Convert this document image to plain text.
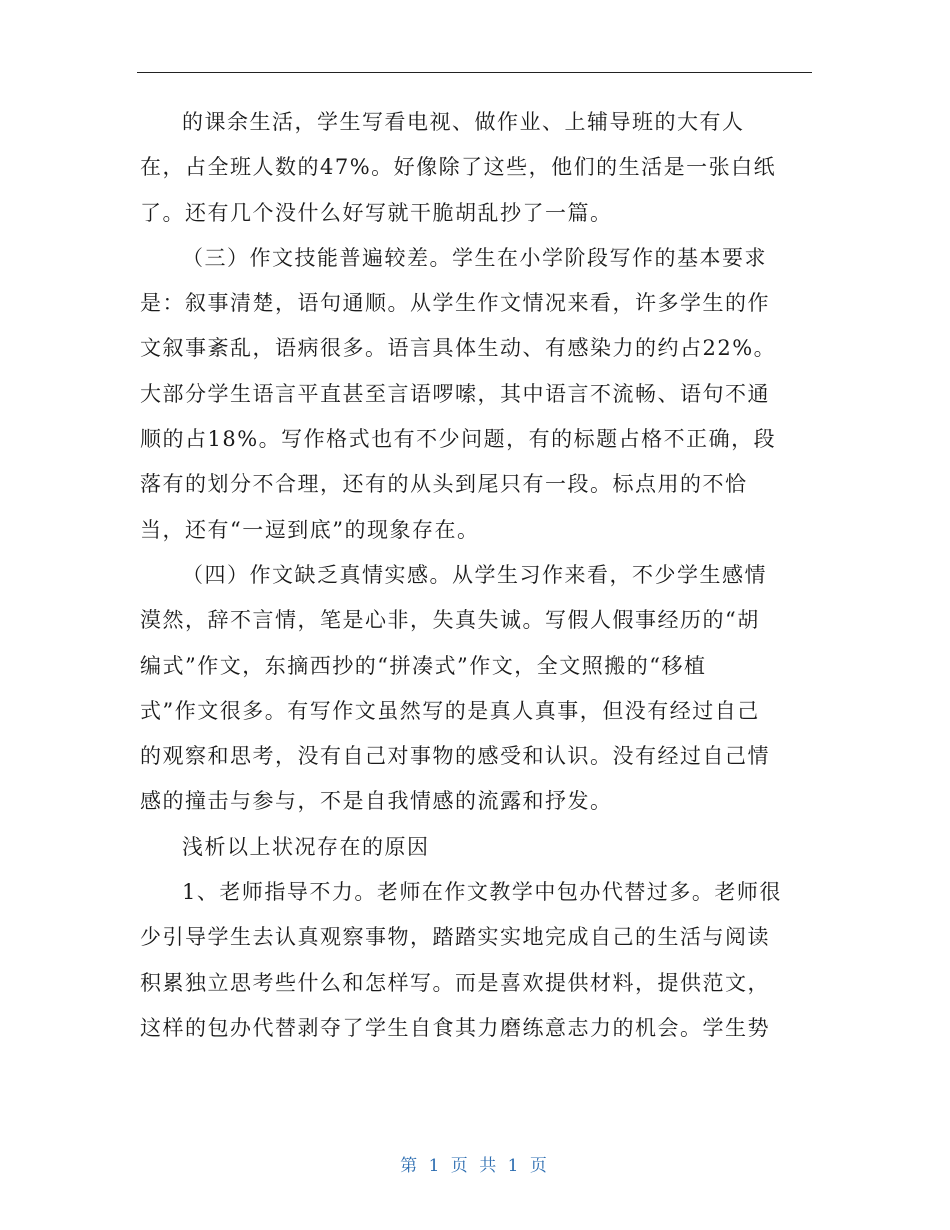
的课余生活，学生写看电视、做作业、上辅导班的大有人
在，占全班人数的47%。好像除了这些，他们的生活是一张白纸
了。还有几个没什么好写就干脆胡乱抄了一篇。
（三）作文技能普遍较差。学生在小学阶段写作的基本要求
是：叙事清楚，语句通顺。从学生作文情况来看，许多学生的作
文叙事紊乱，语病很多。语言具体生动、有感染力的约占22%。
大部分学生语言平直甚至言语啰嗦，其中语言不流畅、语句不通
顺的占18%。写作格式也有不少问题，有的标题占格不正确，段
落有的划分不合理，还有的从头到尾只有一段。标点用的不恰
当，还有“一逗到底”的现象存在。
（四）作文缺乏真情实感。从学生习作来看，不少学生感情
漠然，辞不言情，笔是心非，失真失诚。写假人假事经历的“胡
编式”作文，东摘西抄的“拼凑式”作文，全文照搬的“移植
式”作文很多。有写作文虽然写的是真人真事，但没有经过自己
的观察和思考，没有自己对事物的感受和认识。没有经过自己情
感的撞击与参与，不是自我情感的流露和抒发。
浅析以上状况存在的原因
1、老师指导不力。老师在作文教学中包办代替过多。老师很
少引导学生去认真观察事物，踏踏实实地完成自己的生活与阅读
积累独立思考些什么和怎样写。而是喜欢提供材料，提供范文，
这样的包办代替剥夺了学生自食其力磨练意志力的机会。学生势
第 1 页 共 1 页
